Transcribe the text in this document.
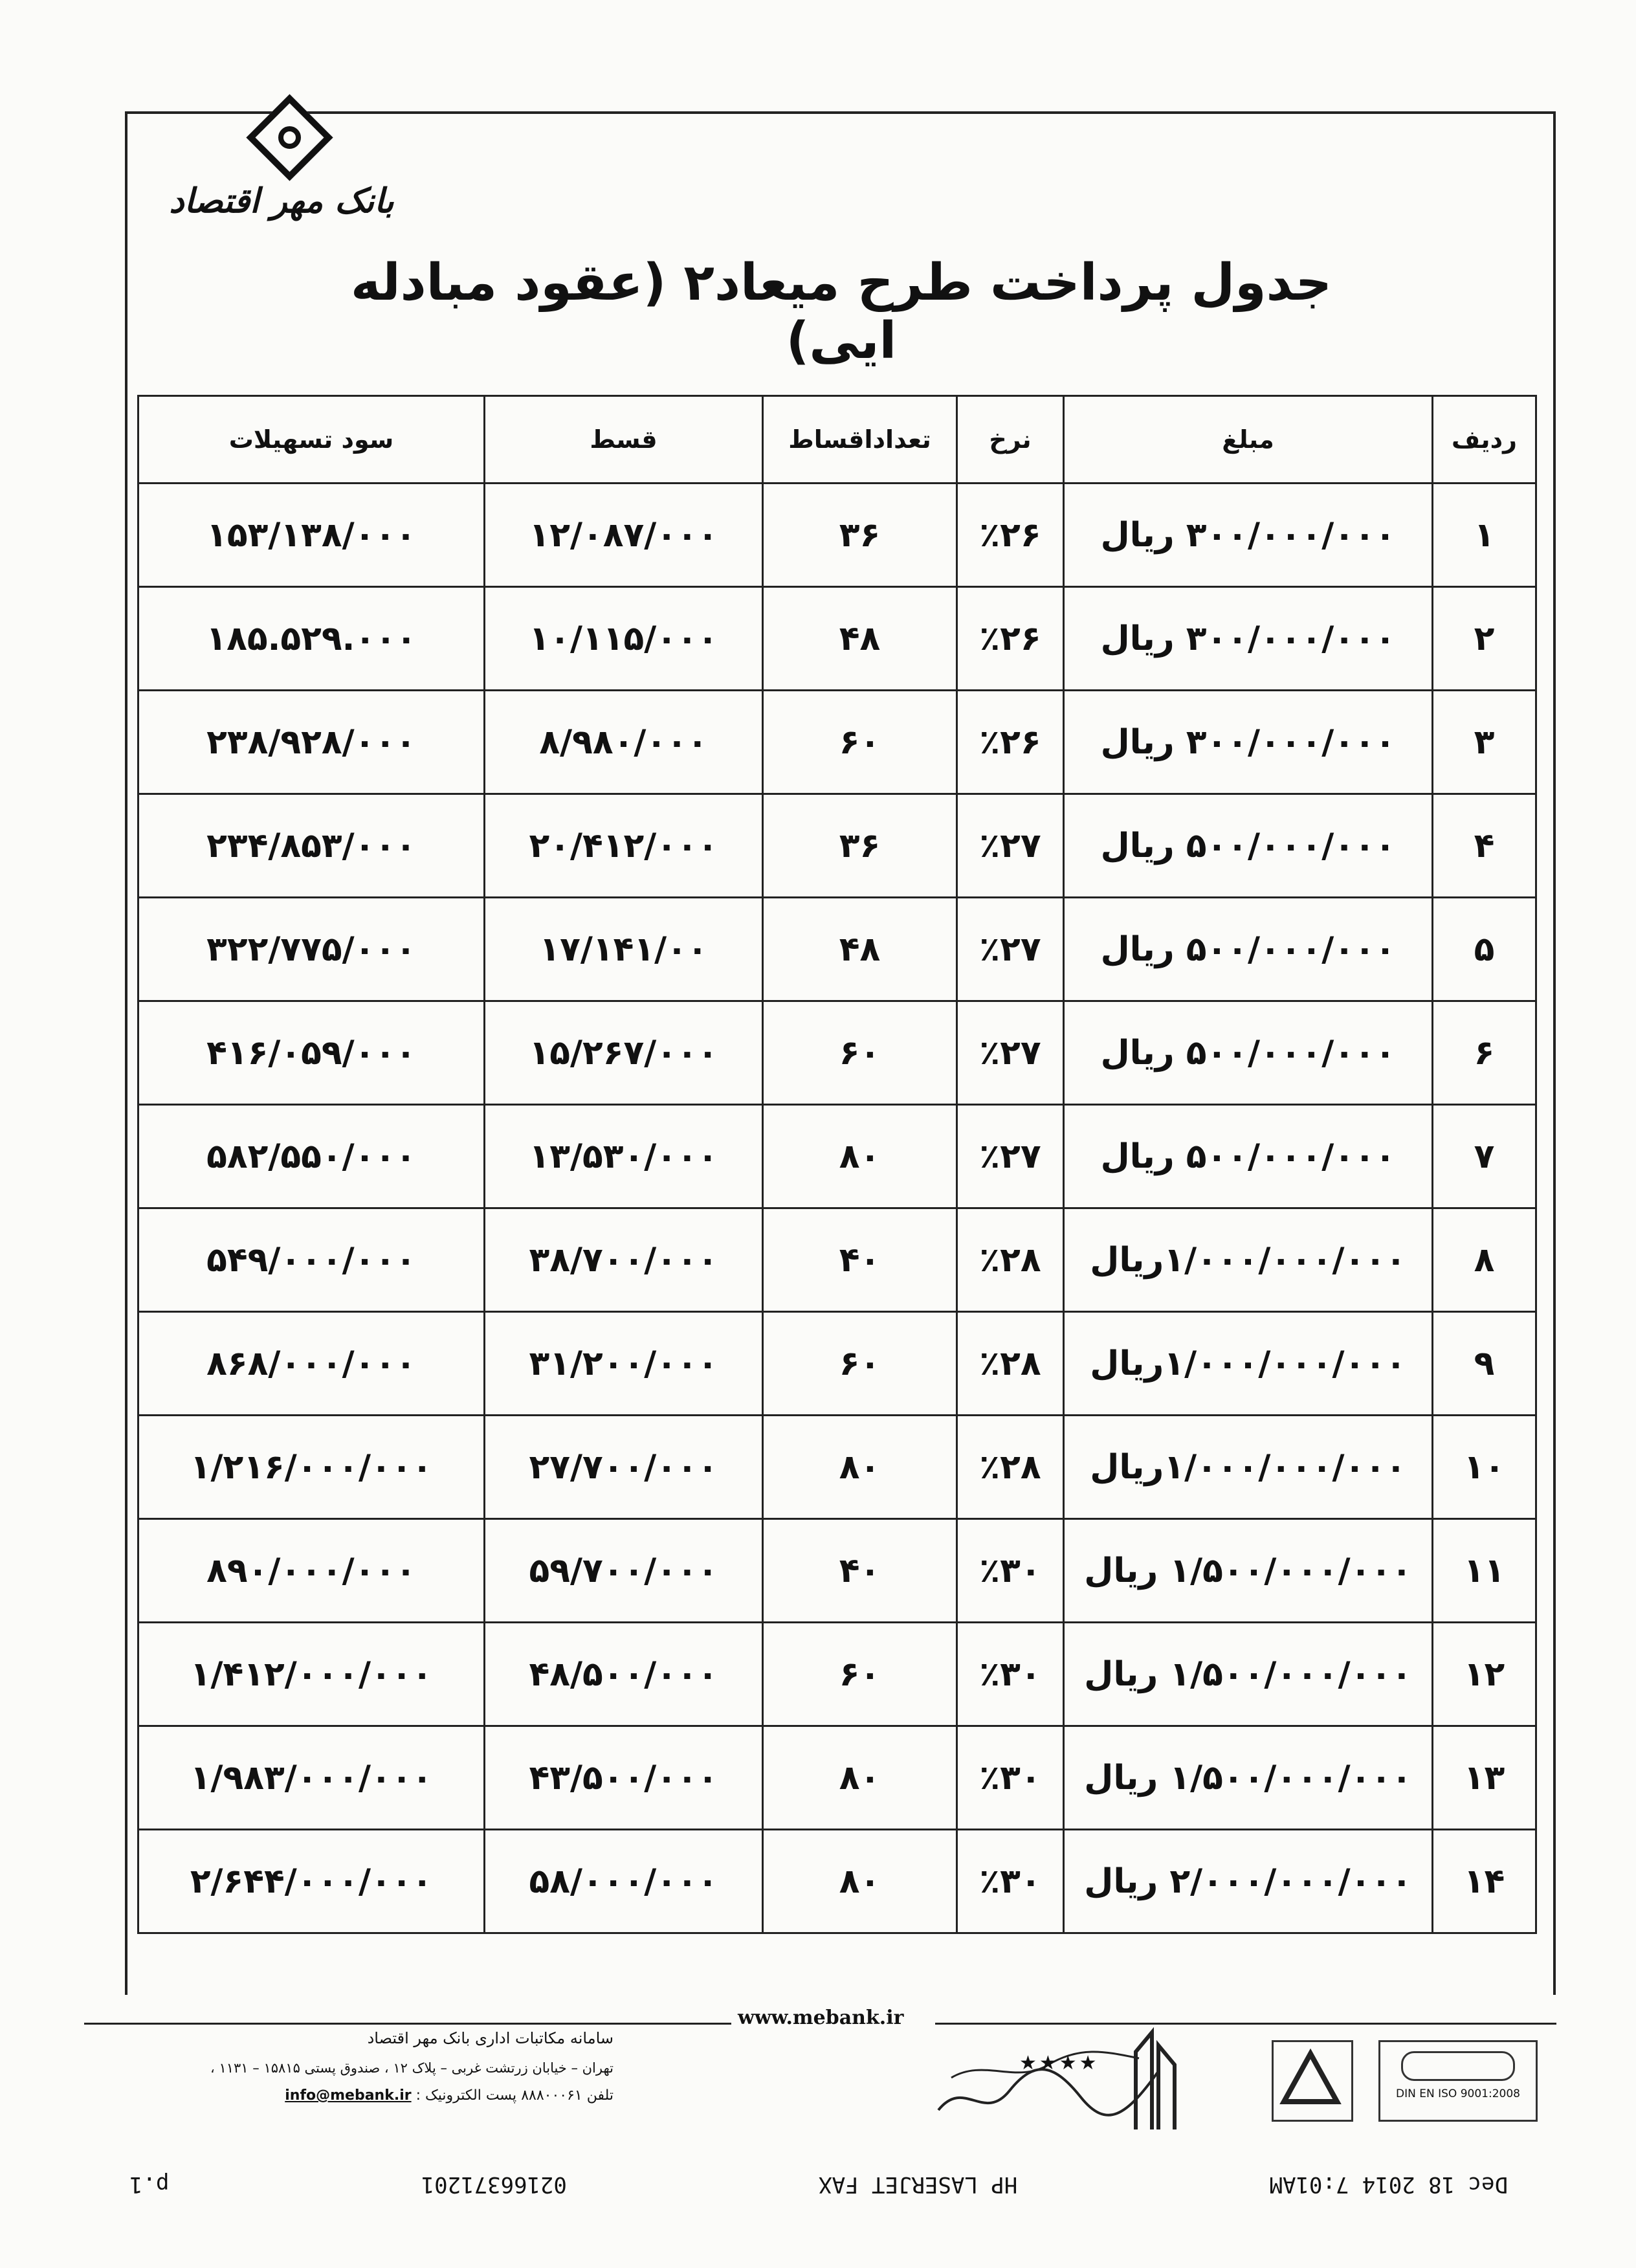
بانک مهر اقتصاد
جدول پرداخت طرح میعاد۲ (عقود مبادله ایی)
ردیف	مبلغ	نرخ	تعداداقساط	قسط	سود تسهیلات
۱	۳۰۰/۰۰۰/۰۰۰ ریال	٪۲۶	۳۶	۱۲/۰۸۷/۰۰۰	۱۵۳/۱۳۸/۰۰۰
۲	۳۰۰/۰۰۰/۰۰۰ ریال	٪۲۶	۴۸	۱۰/۱۱۵/۰۰۰	۱۸۵.۵۲۹.۰۰۰
۳	۳۰۰/۰۰۰/۰۰۰ ریال	٪۲۶	۶۰	۸/۹۸۰/۰۰۰	۲۳۸/۹۲۸/۰۰۰
۴	۵۰۰/۰۰۰/۰۰۰ ریال	٪۲۷	۳۶	۲۰/۴۱۲/۰۰۰	۲۳۴/۸۵۳/۰۰۰
۵	۵۰۰/۰۰۰/۰۰۰ ریال	٪۲۷	۴۸	۱۷/۱۴۱/۰۰	۳۲۲/۷۷۵/۰۰۰
۶	۵۰۰/۰۰۰/۰۰۰ ریال	٪۲۷	۶۰	۱۵/۲۶۷/۰۰۰	۴۱۶/۰۵۹/۰۰۰
۷	۵۰۰/۰۰۰/۰۰۰ ریال	٪۲۷	۸۰	۱۳/۵۳۰/۰۰۰	۵۸۲/۵۵۰/۰۰۰
۸	۱/۰۰۰/۰۰۰/۰۰۰ریال	٪۲۸	۴۰	۳۸/۷۰۰/۰۰۰	۵۴۹/۰۰۰/۰۰۰
۹	۱/۰۰۰/۰۰۰/۰۰۰ریال	٪۲۸	۶۰	۳۱/۲۰۰/۰۰۰	۸۶۸/۰۰۰/۰۰۰
۱۰	۱/۰۰۰/۰۰۰/۰۰۰ریال	٪۲۸	۸۰	۲۷/۷۰۰/۰۰۰	۱/۲۱۶/۰۰۰/۰۰۰
۱۱	۱/۵۰۰/۰۰۰/۰۰۰ ریال	٪۳۰	۴۰	۵۹/۷۰۰/۰۰۰	۸۹۰/۰۰۰/۰۰۰
۱۲	۱/۵۰۰/۰۰۰/۰۰۰ ریال	٪۳۰	۶۰	۴۸/۵۰۰/۰۰۰	۱/۴۱۲/۰۰۰/۰۰۰
۱۳	۱/۵۰۰/۰۰۰/۰۰۰ ریال	٪۳۰	۸۰	۴۳/۵۰۰/۰۰۰	۱/۹۸۳/۰۰۰/۰۰۰
۱۴	۲/۰۰۰/۰۰۰/۰۰۰ ریال	٪۳۰	۸۰	۵۸/۰۰۰/۰۰۰	۲/۶۴۴/۰۰۰/۰۰۰
www.mebank.ir
سامانه مکاتبات اداری بانک مهر اقتصاد
تهران – خیابان زرتشت غربی – پلاک ۱۲ ، صندوق پستی ۱۵۸۱۵ – ۱۱۳۱ ،
تلفن ۸۸۸۰۰۰۶۱ پست الکترونیک : info@mebank.ir
★★★★
DIN EN ISO 9001:2008
Dec 18 2014 7:01AM
HP LASERJET FAX
02166371201
p.1
